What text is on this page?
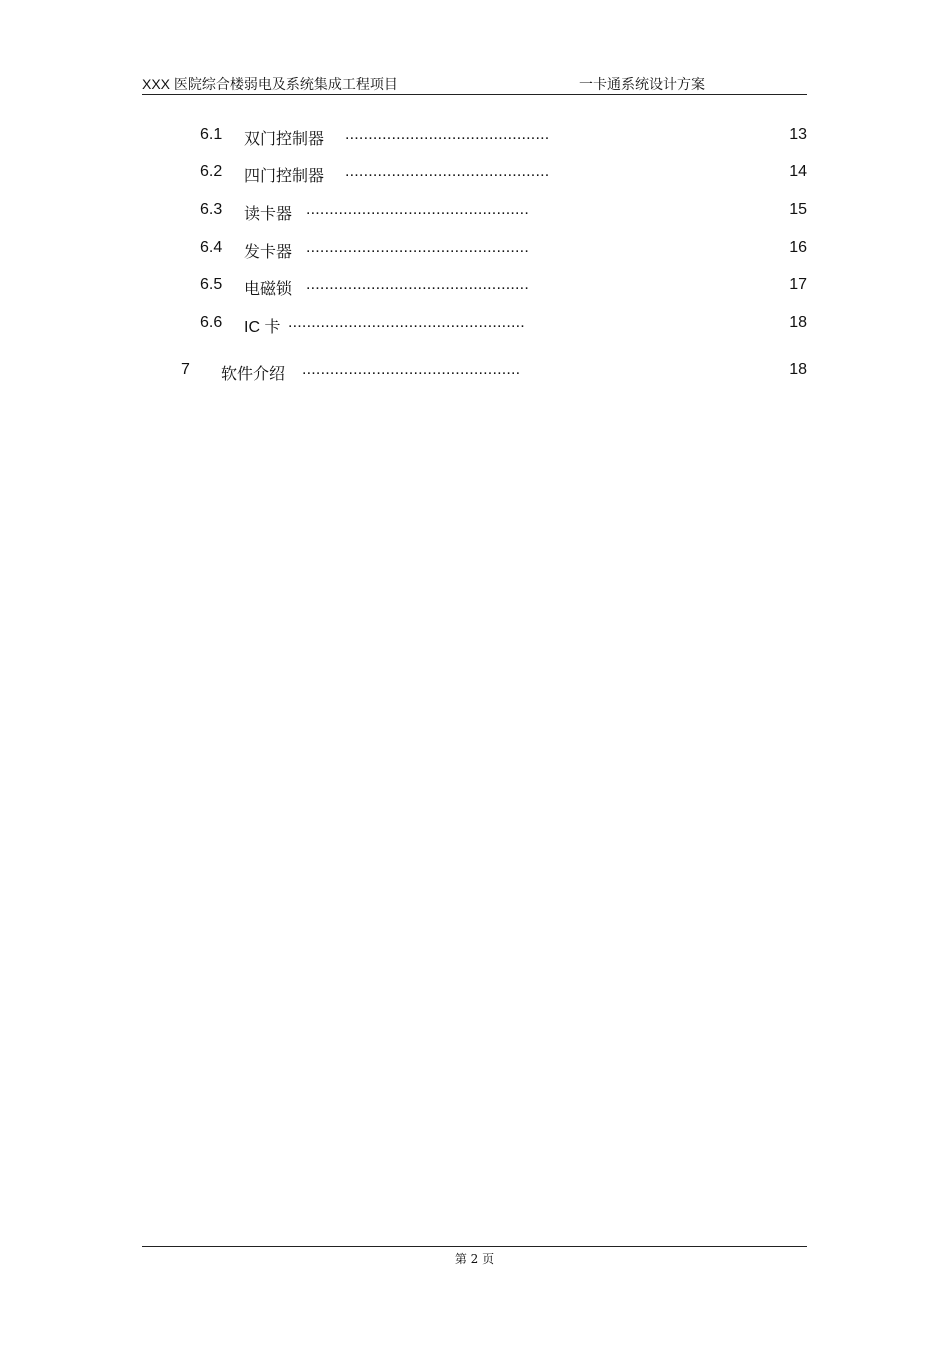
XXX 医院综合楼弱电及系统集成工程项目	一卡通系统设计方案
6.1 双门控制器 ............................................	13
6.2 四门控制器 ............................................	14
6.3 读卡器 ................................................	15
6.4 发卡器 ................................................	16
6.5 电磁锁 ................................................	17
6.6 IC 卡 ...................................................	18
7 软件介绍 ...............................................	18
第 2 页
